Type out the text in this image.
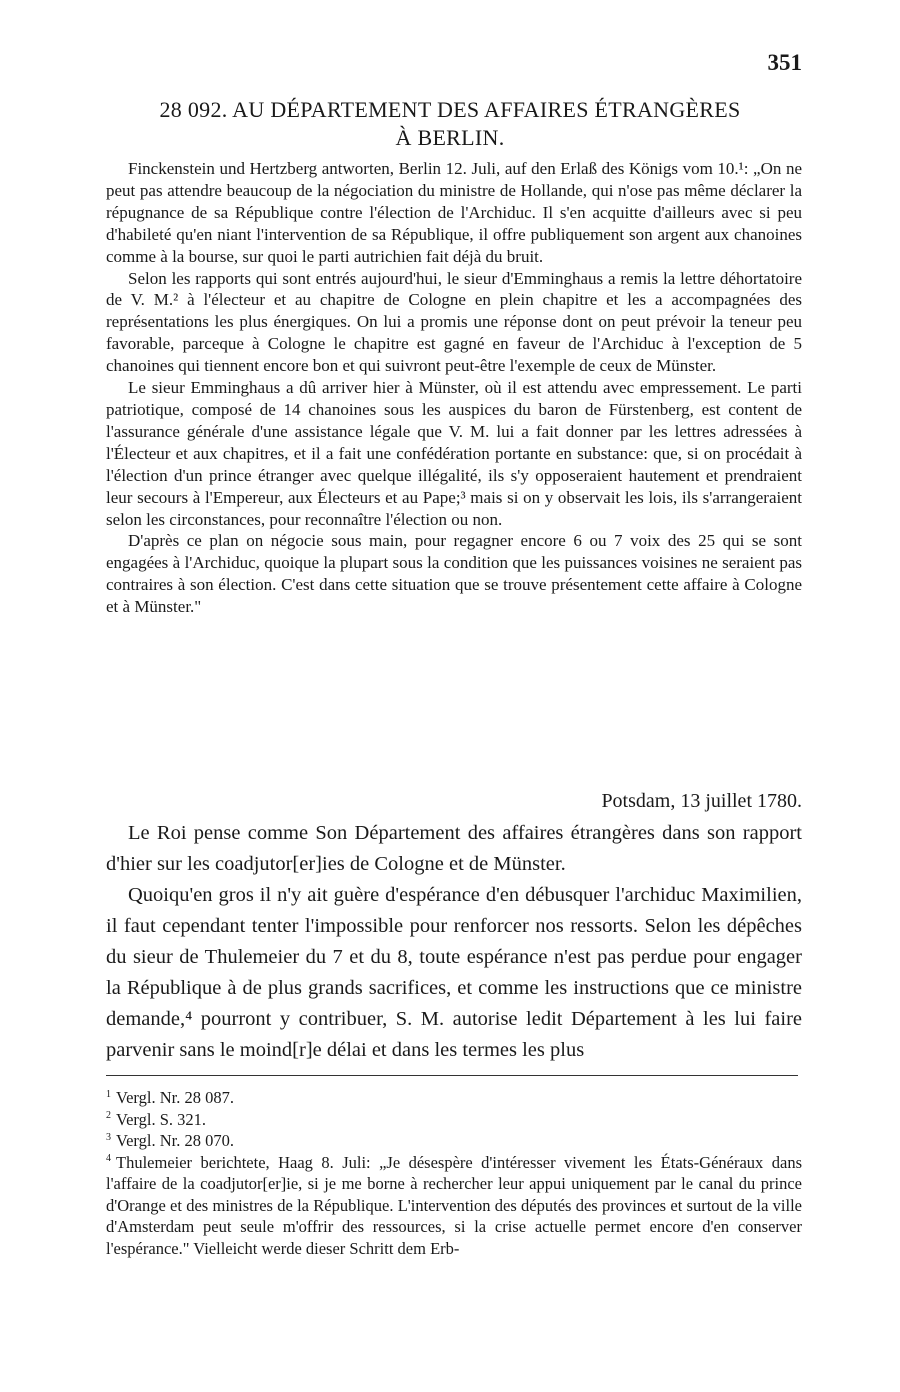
351
28 092. AU DÉPARTEMENT DES AFFAIRES ÉTRANGÈRES
À BERLIN.

Finckenstein und Hertzberg antworten, Berlin 12. Juli, auf den Erlaß des Königs vom 10.¹: „On ne peut pas attendre beaucoup de la négociation du ministre de Hollande, qui n'ose pas même déclarer la répugnance de sa République contre l'élection de l'Archiduc. Il s'en acquitte d'ailleurs avec si peu d'habileté qu'en niant l'intervention de sa République, il offre publiquement son argent aux chanoines comme à la bourse, sur quoi le parti autrichien fait déjà du bruit.

Selon les rapports qui sont entrés aujourd'hui, le sieur d'Emminghaus a remis la lettre déhortatoire de V. M.² à l'électeur et au chapitre de Cologne en plein chapitre et les a accompagnées des représentations les plus énergiques. On lui a promis une réponse dont on peut prévoir la teneur peu favorable, parceque à Cologne le chapitre est gagné en faveur de l'Archiduc à l'exception de 5 chanoines qui tiennent encore bon et qui suivront peut-être l'exemple de ceux de Münster.

Le sieur Emminghaus a dû arriver hier à Münster, où il est attendu avec empressement. Le parti patriotique, composé de 14 chanoines sous les auspices du baron de Fürstenberg, est content de l'assurance générale d'une assistance légale que V. M. lui a fait donner par les lettres adressées à l'Électeur et aux chapitres, et il a fait une confédération portante en substance: que, si on procédait à l'élection d'un prince étranger avec quelque illégalité, ils s'y opposeraient hautement et prendraient leur secours à l'Empereur, aux Électeurs et au Pape;³ mais si on y observait les lois, ils s'arrangeraient selon les circonstances, pour reconnaître l'élection ou non.

D'après ce plan on négocie sous main, pour regagner encore 6 ou 7 voix des 25 qui se sont engagées à l'Archiduc, quoique la plupart sous la condition que les puissances voisines ne seraient pas contraires à son élection. C'est dans cette situation que se trouve présentement cette affaire à Cologne et à Münster."

Potsdam, 13 juillet 1780.

Le Roi pense comme Son Département des affaires étrangères dans son rapport d'hier sur les coadjutor[er]ies de Cologne et de Münster.

Quoiqu'en gros il n'y ait guère d'espérance d'en débusquer l'archiduc Maximilien, il faut cependant tenter l'impossible pour renforcer nos ressorts. Selon les dépêches du sieur de Thulemeier du 7 et du 8, toute espérance n'est pas perdue pour engager la République à de plus grands sacrifices, et comme les instructions que ce ministre demande,⁴ pourront y contribuer, S. M. autorise ledit Département à les lui faire parvenir sans le moind[r]e délai et dans les termes les plus

$^1$ Vergl. Nr. 28 087.

$^2$ Vergl. S. 321.

$^3$ Vergl. Nr. 28 070.

$^4$ Thulemeier berichtete, Haag 8. Juli: „Je désespère d'intéresser vivement les États-Généraux dans l'affaire de la coadjutor[er]ie, si je me borne à rechercher leur appui uniquement par le canal du prince d'Orange et des ministres de la République. L'intervention des députés des provinces et surtout de la ville d'Amsterdam peut seule m'offrir des ressources, si la crise actuelle permet encore d'en conserver l'espérance." Vielleicht werde dieser Schritt dem Erb-
